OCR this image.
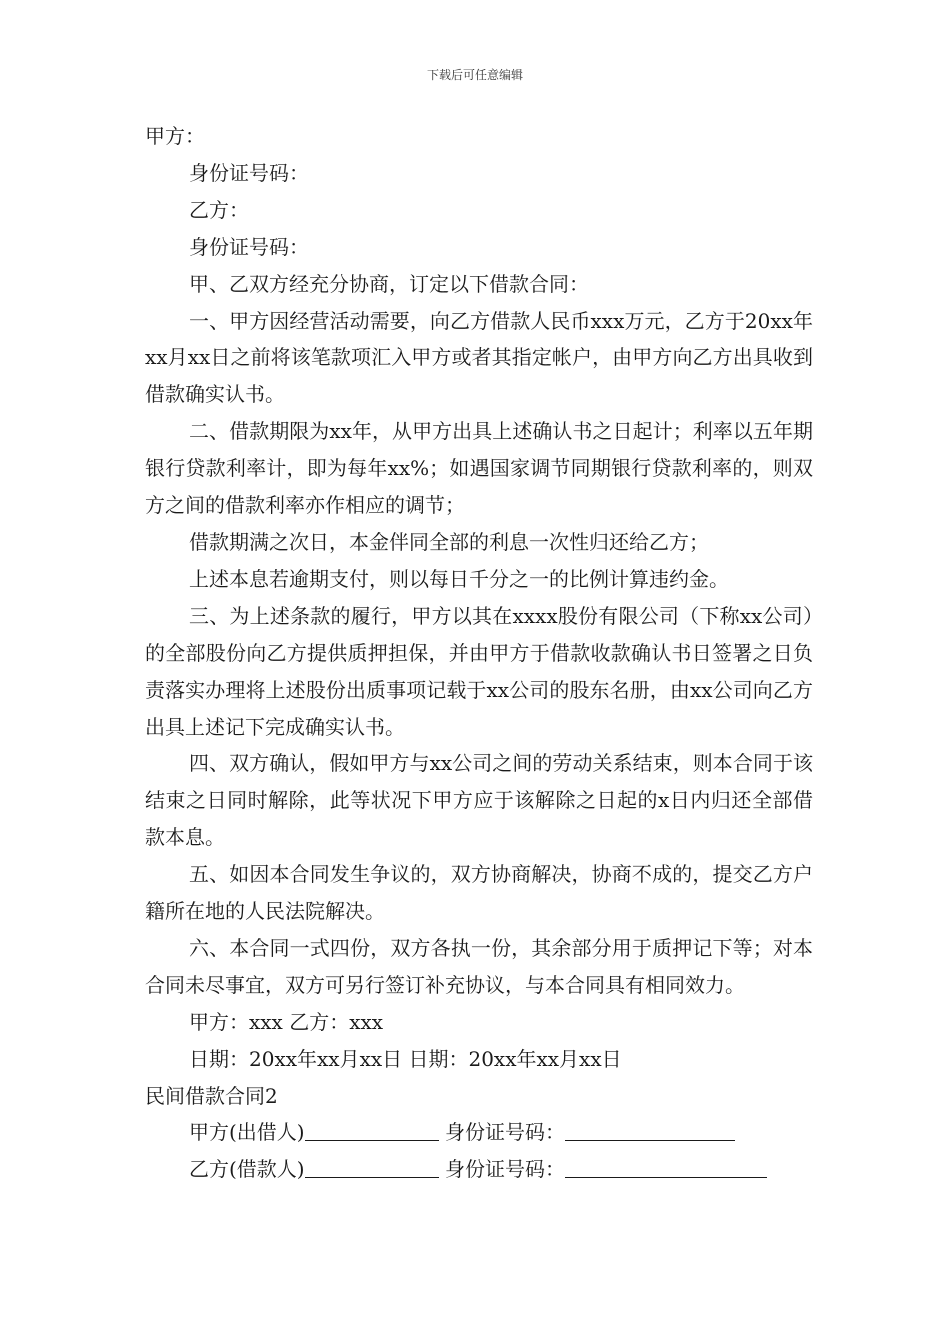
下载后可任意编辑

甲方：

身份证号码：

乙方：

身份证号码：

甲、乙双方经充分协商，订定以下借款合同：

一、甲方因经营活动需要，向乙方借款人民币xxx万元，乙方于20xx年xx月xx日之前将该笔款项汇入甲方或者其指定帐户，由甲方向乙方出具收到借款确实认书。

二、借款期限为xx年，从甲方出具上述确认书之日起计；利率以五年期银行贷款利率计，即为每年xx%；如遇国家调节同期银行贷款利率的，则双方之间的借款利率亦作相应的调节；

借款期满之次日，本金伴同全部的利息一次性归还给乙方；

上述本息若逾期支付，则以每日千分之一的比例计算违约金。

三、为上述条款的履行，甲方以其在xxxx股份有限公司（下称xx公司）的全部股份向乙方提供质押担保，并由甲方于借款收款确认书日签署之日负责落实办理将上述股份出质事项记载于xx公司的股东名册，由xx公司向乙方出具上述记下完成确实认书。

四、双方确认，假如甲方与xx公司之间的劳动关系结束，则本合同于该结束之日同时解除，此等状况下甲方应于该解除之日起的x日内归还全部借款本息。

五、如因本合同发生争议的，双方协商解决，协商不成的，提交乙方户籍所在地的人民法院解决。

六、本合同一式四份，双方各执一份，其余部分用于质押记下等；对本合同未尽事宜，双方可另行签订补充协议，与本合同具有相同效力。

甲方：xxx 乙方：xxx

日期：20xx年xx月xx日 日期：20xx年xx月xx日

民间借款合同2

甲方(出借人)	身份证号码：

乙方(借款人)	身份证号码：
